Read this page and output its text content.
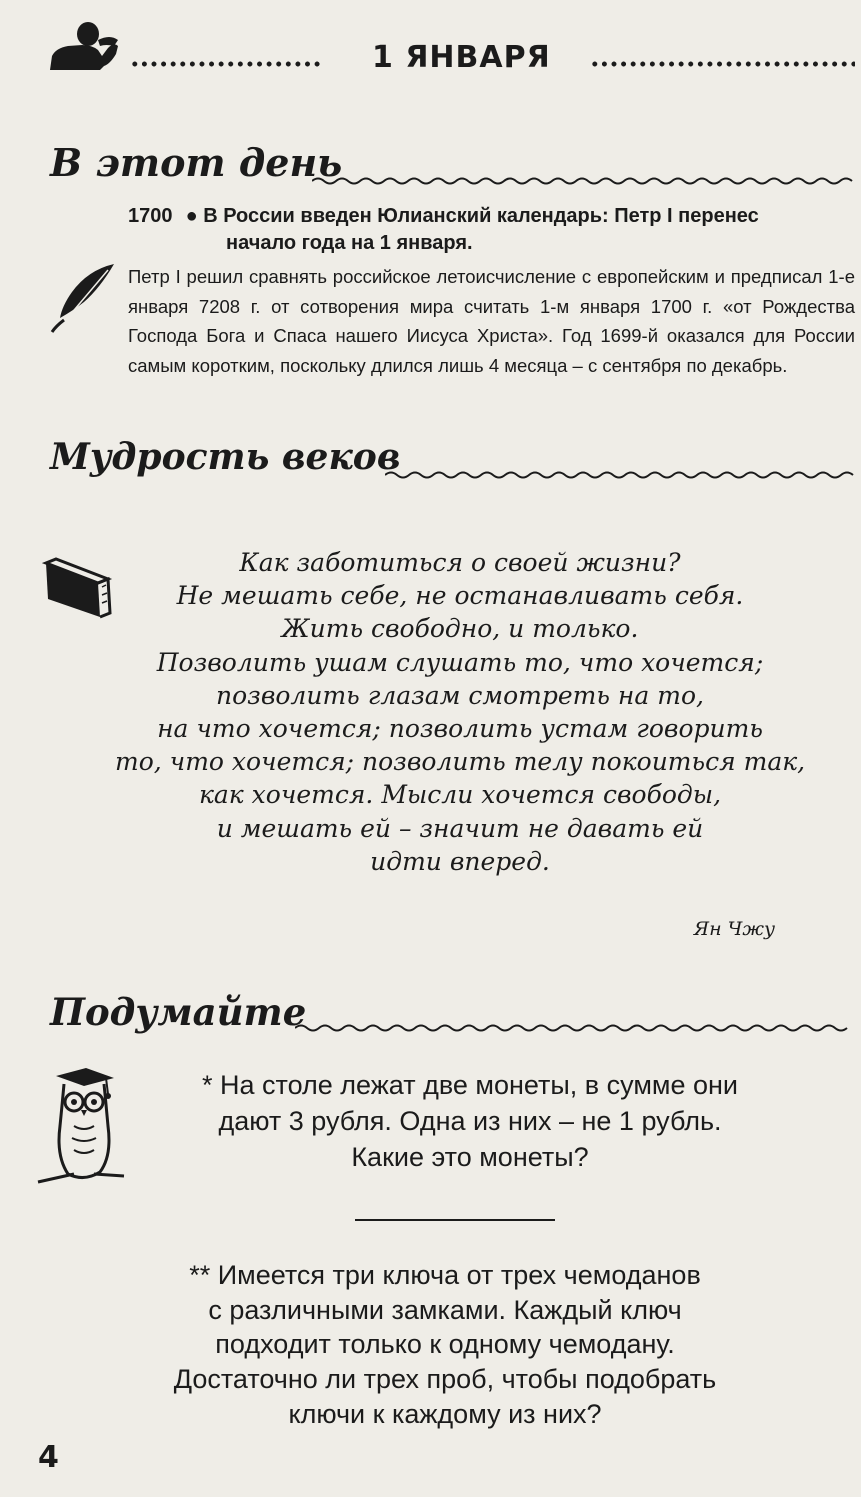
1 ЯНВАРЯ
В этот день
1700 ● В России введен Юлианский календарь: Петр I перенес
начало года на 1 января.
Петр I решил сравнять российское летоисчисление с европейским и предписал 1-е января 7208 г. от сотворения мира считать 1-м января 1700 г. «от Рождества Господа Бога и Спаса нашего Иисуса Христа». Год 1699-й оказался для России самым коротким, поскольку длился лишь 4 месяца – с сентября по декабрь.
Мудрость веков
Как заботиться о своей жизни?
Не мешать себе, не останавливать себя.
Жить свободно, и только.
Позволить ушам слушать то, что хочется;
позволить глазам смотреть на то,
на что хочется; позволить устам говорить
то, что хочется; позволить телу покоиться так,
как хочется. Мысли хочется свободы,
и мешать ей – значит не давать ей
идти вперед.
Ян Чжу
Подумайте
* На столе лежат две монеты, в сумме они
дают 3 рубля. Одна из них – не 1 рубль.
Какие это монеты?
** Имеется три ключа от трех чемоданов
с различными замками. Каждый ключ
подходит только к одному чемодану.
Достаточно ли трех проб, чтобы подобрать
ключи к каждому из них?
4
